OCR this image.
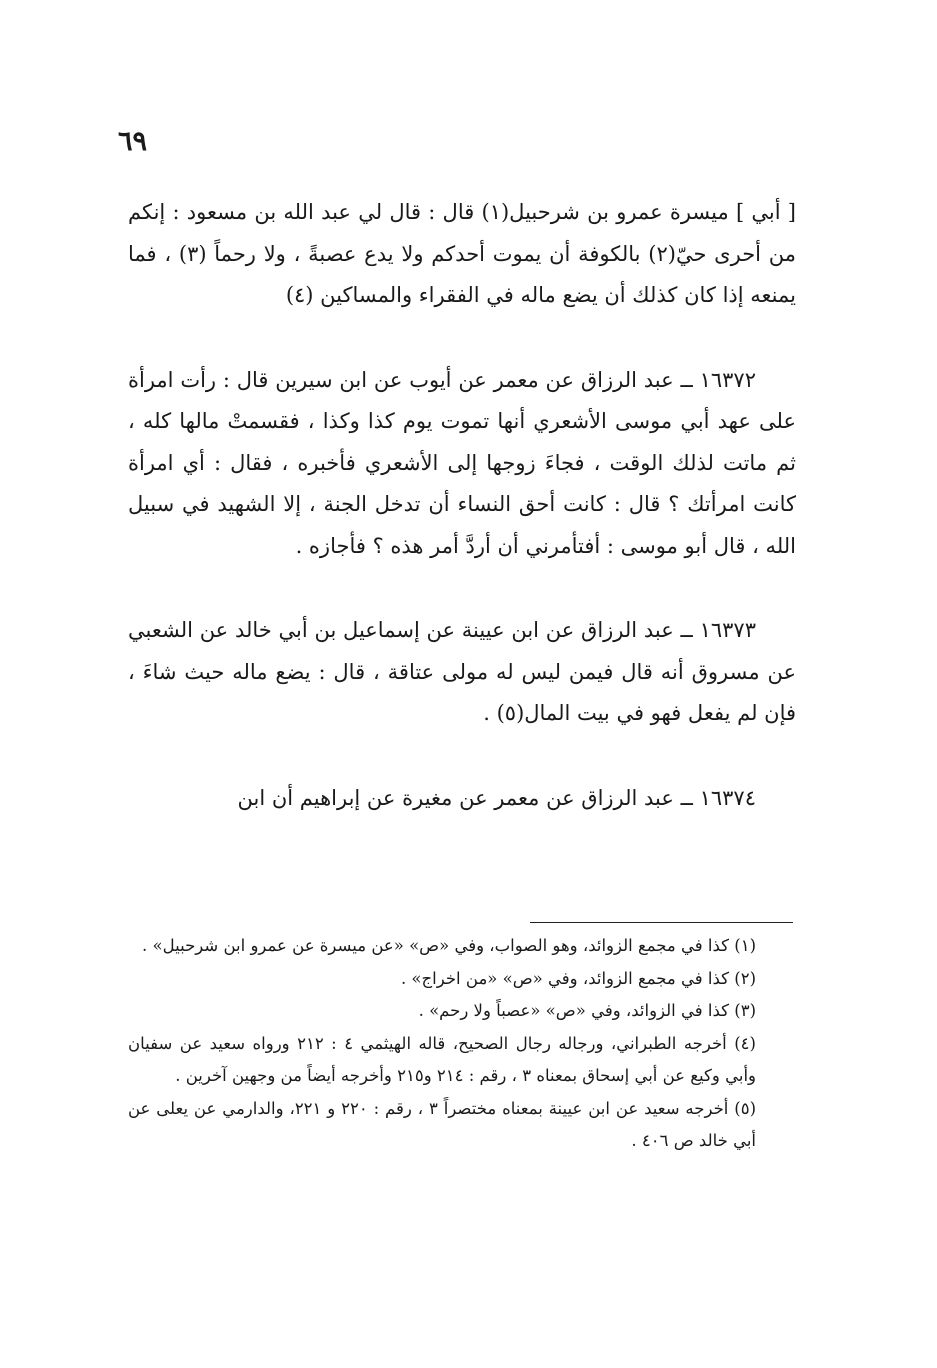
٦٩

[ أبي ] ميسرة عمرو بن شرحبيل(١) قال : قال لي عبد الله بن مسعود : إنكم من أحرى حيّ(٢) بالكوفة أن يموت أحدكم ولا يدع عصبةً ، ولا رحماً (٣) ، فما يمنعه إذا كان كذلك أن يضع ماله في الفقراء والمساكين (٤)

١٦٣٧٢ ــ عبد الرزاق عن معمر عن أيوب عن ابن سيرين قال : رأت امرأة على عهد أبي موسى الأشعري أنها تموت يوم كذا وكذا ، فقسمتْ مالها كله ، ثم ماتت لذلك الوقت ، فجاءَ زوجها إلى الأشعري فأخبره ، فقال : أي امرأة كانت امرأتك ؟ قال : كانت أحق النساء أن تدخل الجنة ، إلا الشهيد في سبيل الله ، قال أبو موسى : أفتأمرني أن أردَّ أمر هذه ؟ فأجازه .

١٦٣٧٣ ــ عبد الرزاق عن ابن عيينة عن إسماعيل بن أبي خالد عن الشعبي عن مسروق أنه قال فيمن ليس له مولى عتاقة ، قال : يضع ماله حيث شاءَ ، فإن لم يفعل فهو في بيت المال(٥) .

١٦٣٧٤ ــ عبد الرزاق عن معمر عن مغيرة عن إبراهيم أن ابن

(١) كذا في مجمع الزوائد، وهو الصواب، وفي «ص» «عن ميسرة عن عمرو ابن شرحبيل» .

(٢) كذا في مجمع الزوائد، وفي «ص» «من اخراج» .

(٣) كذا في الزوائد، وفي «ص» «عصباً ولا رحم» .

(٤) أخرجه الطبراني، ورجاله رجال الصحيح، قاله الهيثمي ٤ : ٢١٢ ورواه سعيد عن سفيان وأبي وكيع عن أبي إسحاق بمعناه ٣ ، رقم : ٢١٤ و٢١٥ وأخرجه أيضاً من وجهين آخرين .

(٥) أخرجه سعيد عن ابن عيينة بمعناه مختصراً ٣ ، رقم : ٢٢٠ و ٢٢١، والدارمي عن يعلى عن أبي خالد ص ٤٠٦ .
